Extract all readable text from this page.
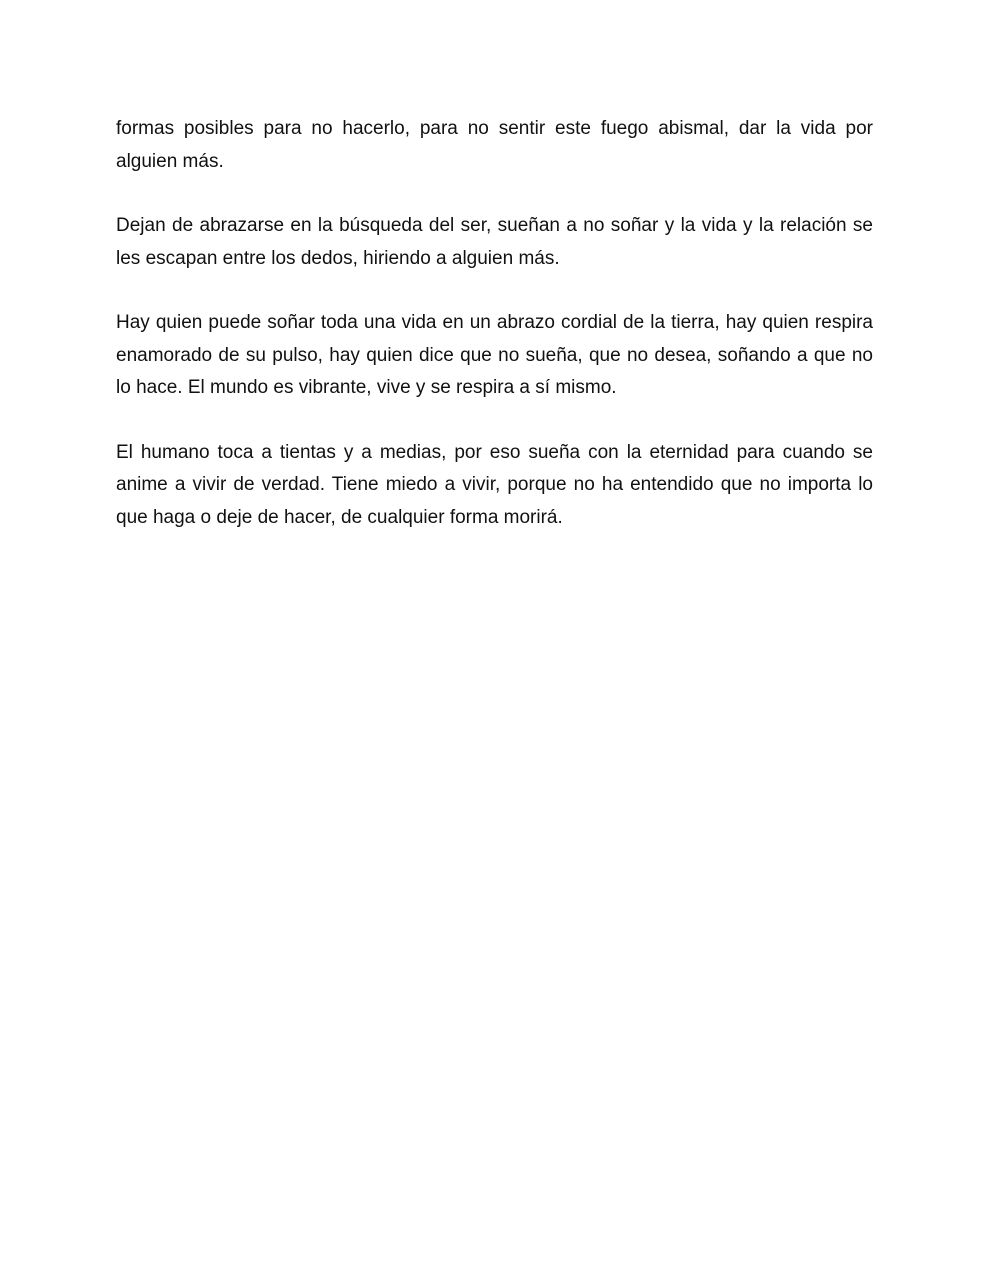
formas posibles para no hacerlo, para no sentir este fuego abismal, dar la vida por alguien más.

Dejan de abrazarse en la búsqueda del ser, sueñan a no soñar y la vida y la relación se les escapan entre los dedos, hiriendo a alguien más.

Hay quien puede soñar toda una vida en un abrazo cordial de la tierra, hay quien respira enamorado de su pulso, hay quien dice que no sueña, que no desea, soñando a que no lo hace. El mundo es vibrante, vive y se respira a sí mismo.

El humano toca a tientas y a medias, por eso sueña con la eternidad para cuando se anime a vivir de verdad. Tiene miedo a vivir, porque no ha entendido que no importa lo que haga o deje de hacer, de cualquier forma morirá.
